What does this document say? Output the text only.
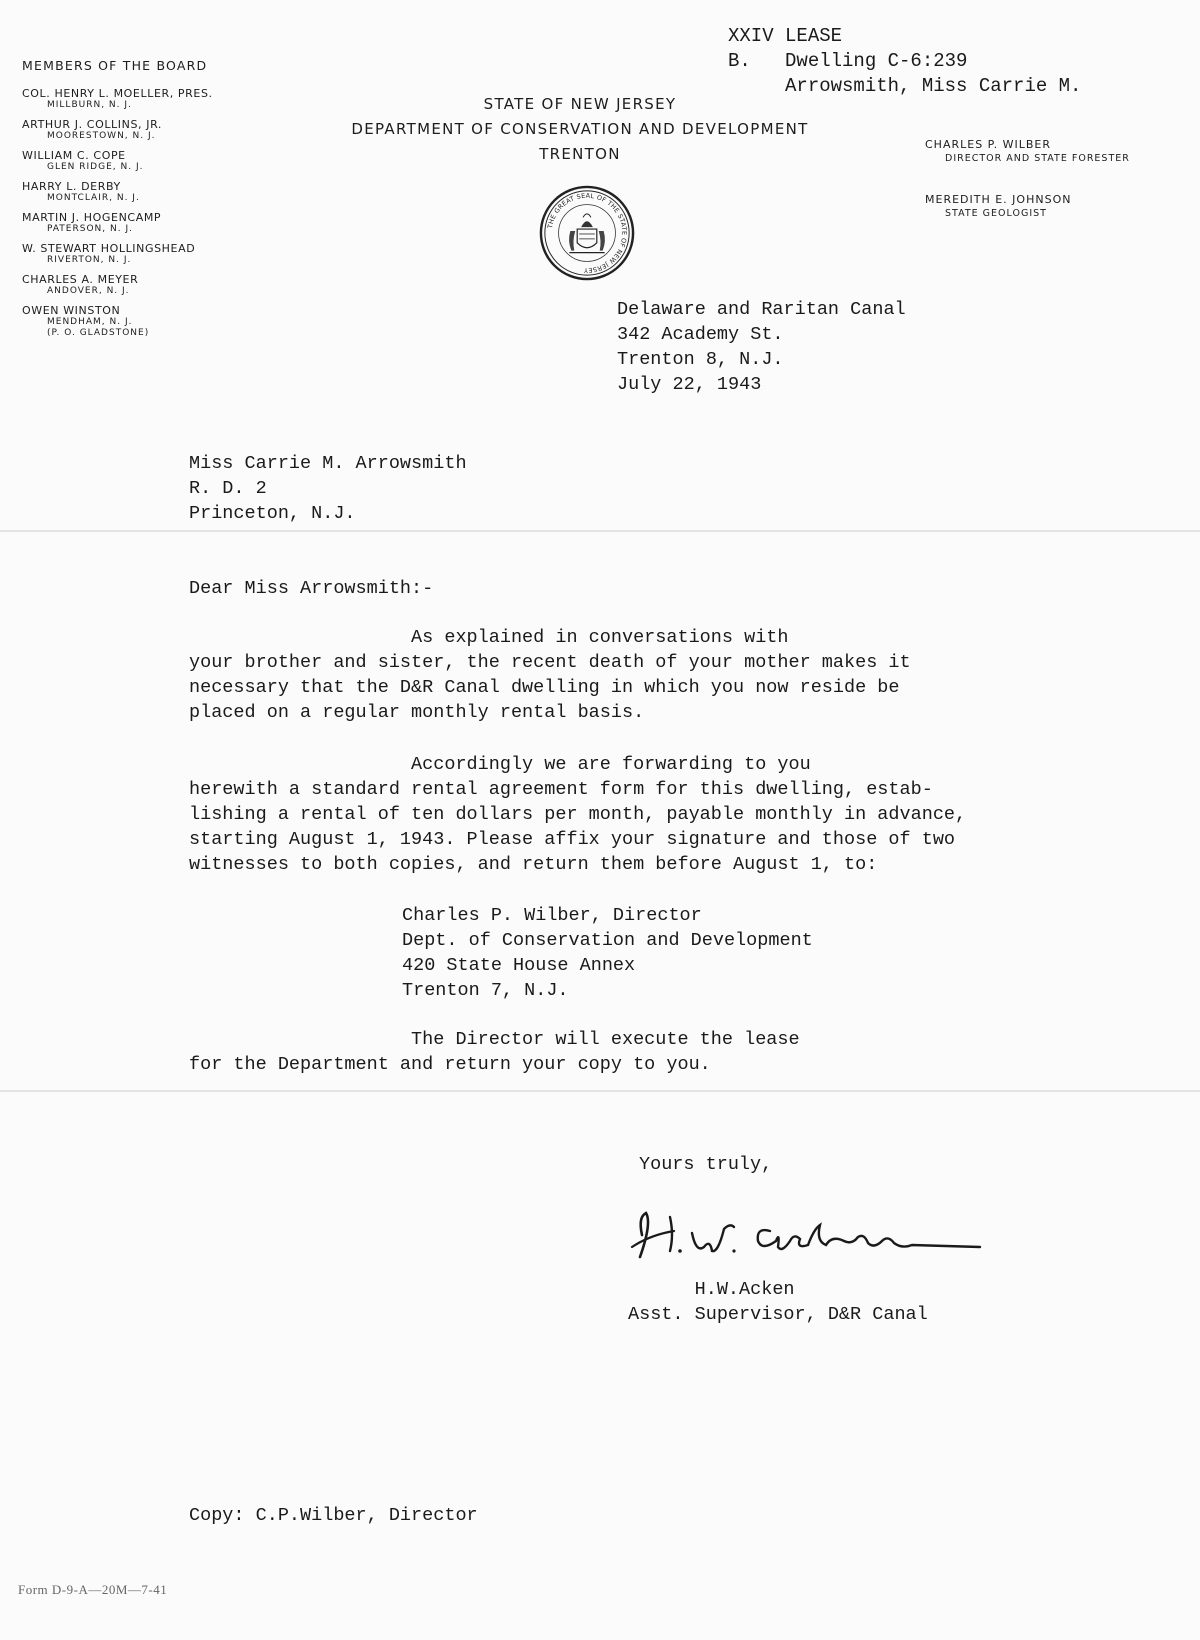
XXIV LEASE
B.   Dwelling C-6:239
Arrowsmith, Miss Carrie M.
MEMBERS OF THE BOARD
COL. HENRY L. MOELLER, PRES.
MILLBURN, N. J.
ARTHUR J. COLLINS, JR.
MOORESTOWN, N. J.
WILLIAM C. COPE
GLEN RIDGE, N. J.
HARRY L. DERBY
MONTCLAIR, N. J.
MARTIN J. HOGENCAMP
PATERSON, N. J.
W. STEWART HOLLINGSHEAD
RIVERTON, N. J.
CHARLES A. MEYER
ANDOVER, N. J.
OWEN WINSTON
MENDHAM, N. J.
(P. O. GLADSTONE)
STATE OF NEW JERSEY
DEPARTMENT OF CONSERVATION AND DEVELOPMENT
TRENTON
THE GREAT SEAL OF THE STATE OF NEW JERSEY
CHARLES P. WILBER
DIRECTOR AND STATE FORESTER
MEREDITH E. JOHNSON
STATE GEOLOGIST
Delaware and Raritan Canal
342 Academy St.
Trenton 8, N.J.
July 22, 1943
Miss Carrie M. Arrowsmith
R. D. 2
Princeton, N.J.
Dear Miss Arrowsmith:-
As explained in conversations with
your brother and sister, the recent death of your mother makes it
necessary that the D&R Canal dwelling in which you now reside be
placed on a regular monthly rental basis.
Accordingly we are forwarding to you
herewith a standard rental agreement form for this dwelling, estab-
lishing a rental of ten dollars per month, payable monthly in advance,
starting August 1, 1943. Please affix your signature and those of two
witnesses to both copies, and return them before August 1, to:
Charles P. Wilber, Director
Dept. of Conservation and Development
420 State House Annex
Trenton 7, N.J.
The Director will execute the lease
for the Department and return your copy to you.
Yours truly,
H.W.Acken
Asst. Supervisor, D&R Canal
Copy: C.P.Wilber, Director
Form D-9-A—20M—7-41
